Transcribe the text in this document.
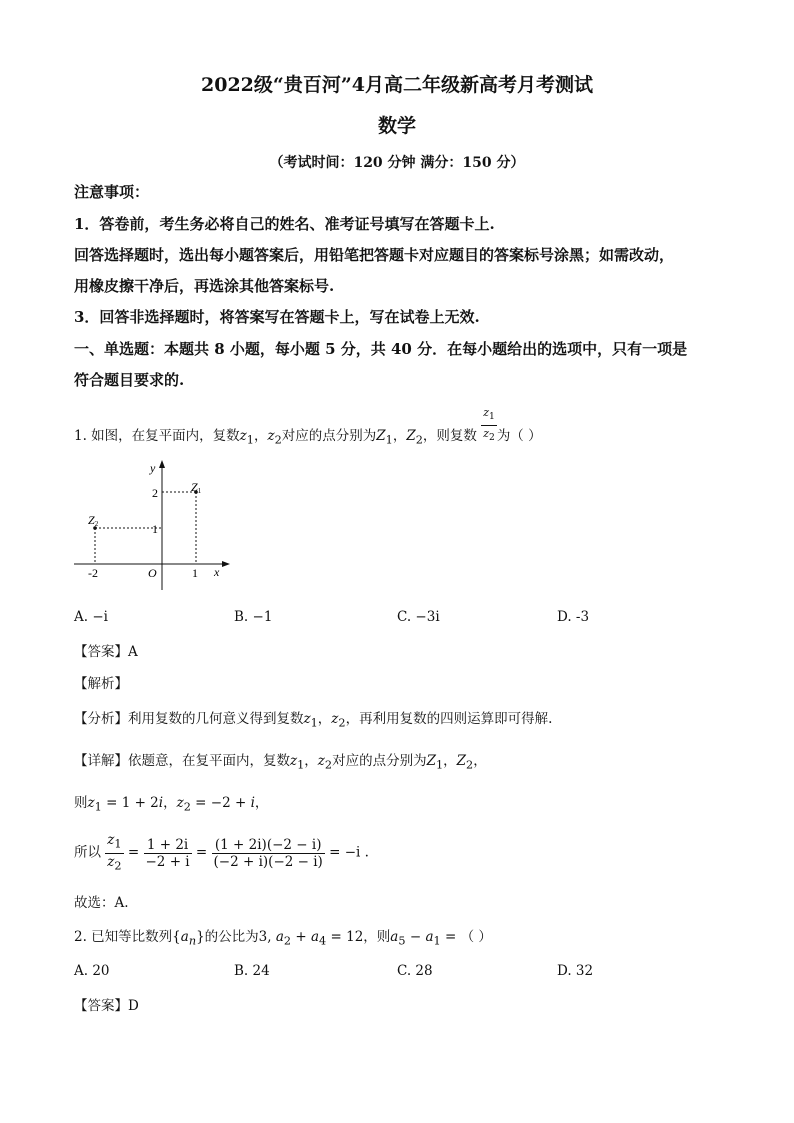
2022级“贵百河”4月高二年级新高考月考测试
数学
（考试时间：120 分钟 满分：150 分）
注意事项：
1．答卷前，考生务必将自己的姓名、准考证号填写在答题卡上.
回答选择题时，选出每小题答案后，用铅笔把答题卡对应题目的答案标号涂黑；如需改动，
用橡皮擦干净后，再选涂其他答案标号.
3．回答非选择题时，将答案写在答题卡上，写在试卷上无效.
一、单选题：本题共 8 小题，每小题 5 分，共 40 分．在每小题给出的选项中，只有一项是
符合题目要求的.
1. 如图，在复平面内，复数$z_1$，$z_2$对应的点分别为$Z_1$，$Z_2$，则复数 $\frac{z_1}{z_2}$ 为（ ）
y
x
O
2
1
-2	1
Z1
Z2
A. −i	B. −1	C. −3i	D. -3
【答案】A
【解析】
【分析】利用复数的几何意义得到复数$z_1$，$z_2$，再利用复数的四则运算即可得解.
【详解】依题意，在复平面内，复数$z_1$，$z_2$对应的点分别为$Z_1$，$Z_2$，
则$z_1 = 1 + 2i$，$z_2 = -2 + i$，
所以 $\frac{z_1}{z_2} = \frac{1 + 2i}{-2 + i} = \frac{(1 + 2i)(-2 - i)}{(-2 + i)(-2 - i)} = -i$ .
故选：A.
2. 已知等比数列$\{a_n\}$的公比为3, $a_2 + a_4 = 12$，则$a_5 - a_1$ = （ ）
A. 20	B. 24	C. 28	D. 32
【答案】D
